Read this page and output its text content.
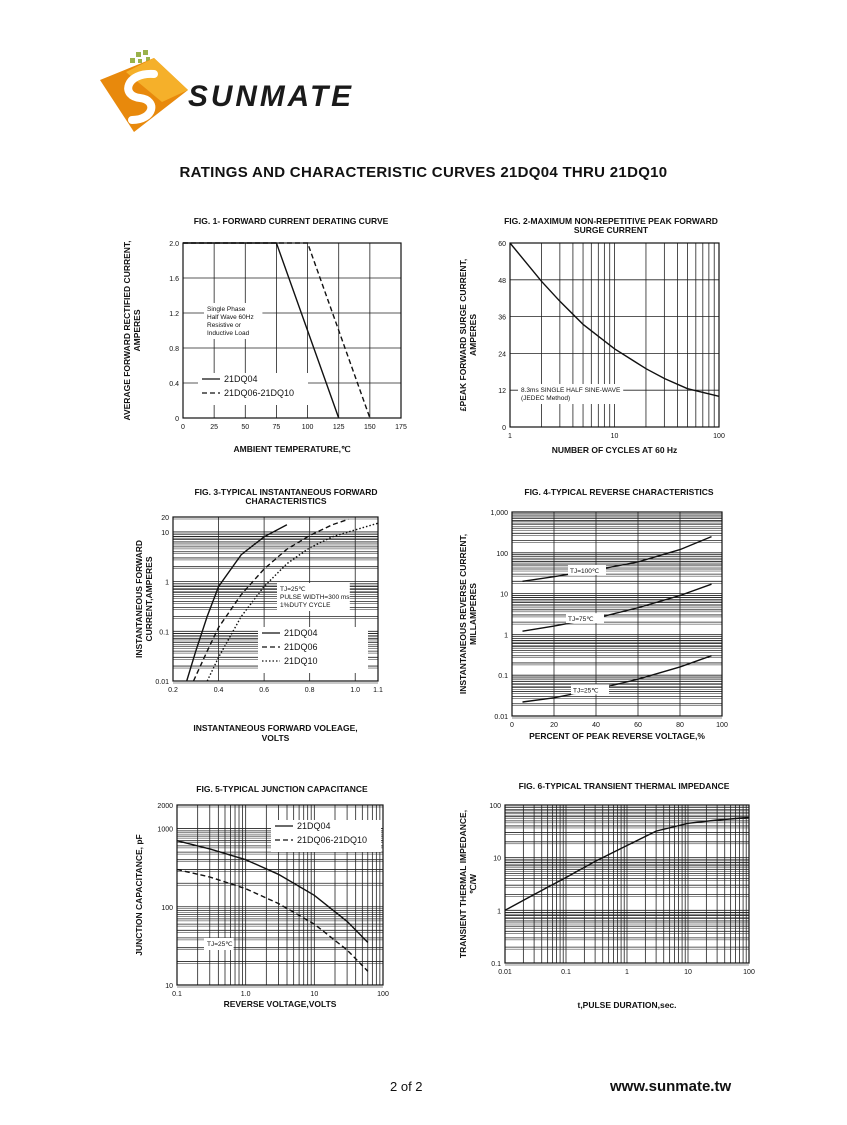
SUNMATE
RATINGS AND CHARACTERISTIC CURVES 21DQ04 THRU 21DQ10
0	25	50	75	100	125	150	175
0
0.4
0.8
1.2
1.6
2.0
FIG. 1- FORWARD CURRENT DERATING CURVE
AMBIENT TEMPERATURE,℃
AVERAGE FORWARD RECTIFIED CURRENT, AMPERES	Single Phase
Half Wave 60Hz
Resistive or
Inductive Load
21DQ04
21DQ06-21DQ10
1	10	100
0
12
24
36
48
60
FIG. 2-MAXIMUM NON-REPETITIVE PEAK FORWARD
SURGE CURRENT
NUMBER OF CYCLES AT 60 Hz
£PEAK FORWARD SURGE CURRENT, AMPERES
8.3ms SINGLE HALF SINE-WAVE
(JEDEC Method)
0.2	0.4	0.6	0.8	1.0 1.1
0.01
0.1
1
10
20
FIG. 3-TYPICAL INSTANTANEOUS FORWARD
CHARACTERISTICS
INSTANTANEOUS FORWARD VOLEAGE,
VOLTS
INSTANTANEOUS FORWARD CURRENT,AMPERES	TJ=25℃
PULSE WIDTH=300 ms
1%DUTY CYCLE
21DQ04
21DQ06
21DQ10
0	20	40	60	80	100
0.01
0.1
1
10
100
1,000
FIG. 4-TYPICAL REVERSE CHARACTERISTICS
PERCENT OF PEAK REVERSE VOLTAGE,%
INSTANTANEOUS REVERSE CURRENT, MILLAMPERES
TJ=100℃
TJ=75℃
TJ=25℃
0.1	1.0	10	100
10
100
1000
2000
FIG. 5-TYPICAL JUNCTION CAPACITANCE
REVERSE VOLTAGE,VOLTS
JUNCTION CAPACITANCE, pF	TJ=25℃
21DQ04
21DQ06-21DQ10
0.01	0.1	1	10	100
0.1
1
10
100
FIG. 6-TYPICAL TRANSIENT THERMAL IMPEDANCE
t,PULSE DURATION,sec.
TRANSIENT THERMAL IMPEDANCE, ℃/W
2 of 2	www.sunmate.tw
